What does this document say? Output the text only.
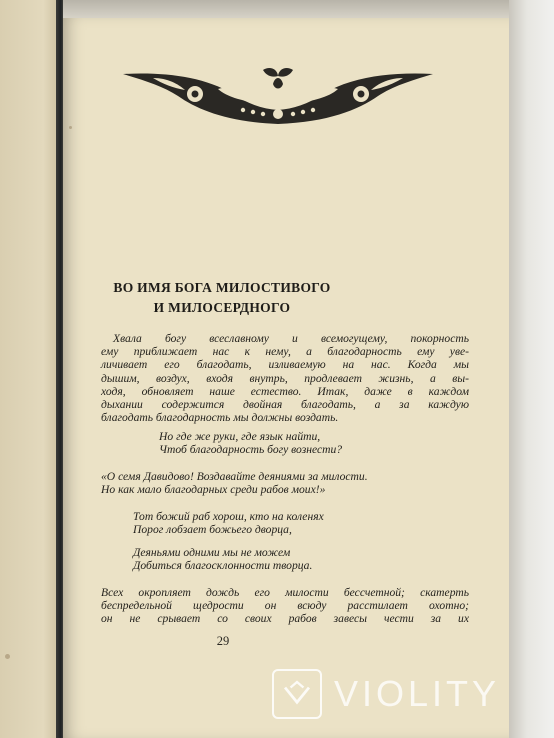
ВО ИМЯ БОГА МИЛОСТИВОГО
И МИЛОСЕРДНОГО
Хвала богу всеславному и всемогущему, покорность
ему приближает нас к нему, а благодарность ему уве-
личивает его благодать, изливаемую на нас. Когда мы
дышим, воздух, входя внутрь, продлевает жизнь, а вы-
ходя, обновляет наше естество. Итак, даже в каждом
дыхании содержится двойная благодать, а за каждую
благодать благодарность мы должны воздать.
Но где же руки, где язык найти,
Чтоб благодарность богу вознести?
«О семя Давидово! Воздавайте деяниями за милости.
Но как мало благодарных среди рабов моих!»
Тот божий раб хорош, кто на коленях
Порог лобзает божьего дворца,
Деяньями одними мы не можем
Добиться благосклонности творца.
Всех окропляет дождь его милости бессчетной; скатерть
беспредельной щедрости он всюду расстилает охотно;
он не срывает со своих рабов завесы чести за их
29
VIOLITY
